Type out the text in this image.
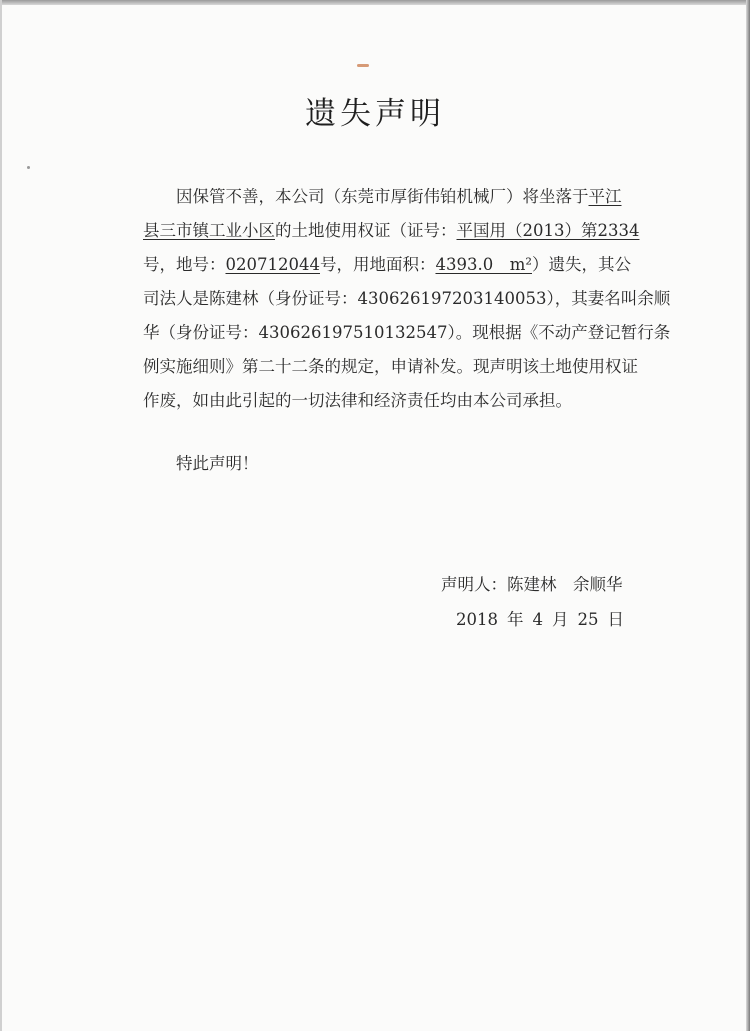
遗失声明
因保管不善，本公司（东莞市厚街伟铂机械厂）将坐落于平江
县三市镇工业小区的土地使用权证（证号：平国用（2013）第2334
号，地号：020712044号，用地面积：4393.0　m²）遗失，其公
司法人是陈建林（身份证号：430626197203140053），其妻名叫余顺
华（身份证号：430626197510132547）。现根据《不动产登记暂行条
例实施细则》第二十二条的规定，申请补发。现声明该土地使用权证
作废，如由此引起的一切法律和经济责任均由本公司承担。
特此声明！
声明人：陈建林　余顺华
2018 年 4 月 25 日
